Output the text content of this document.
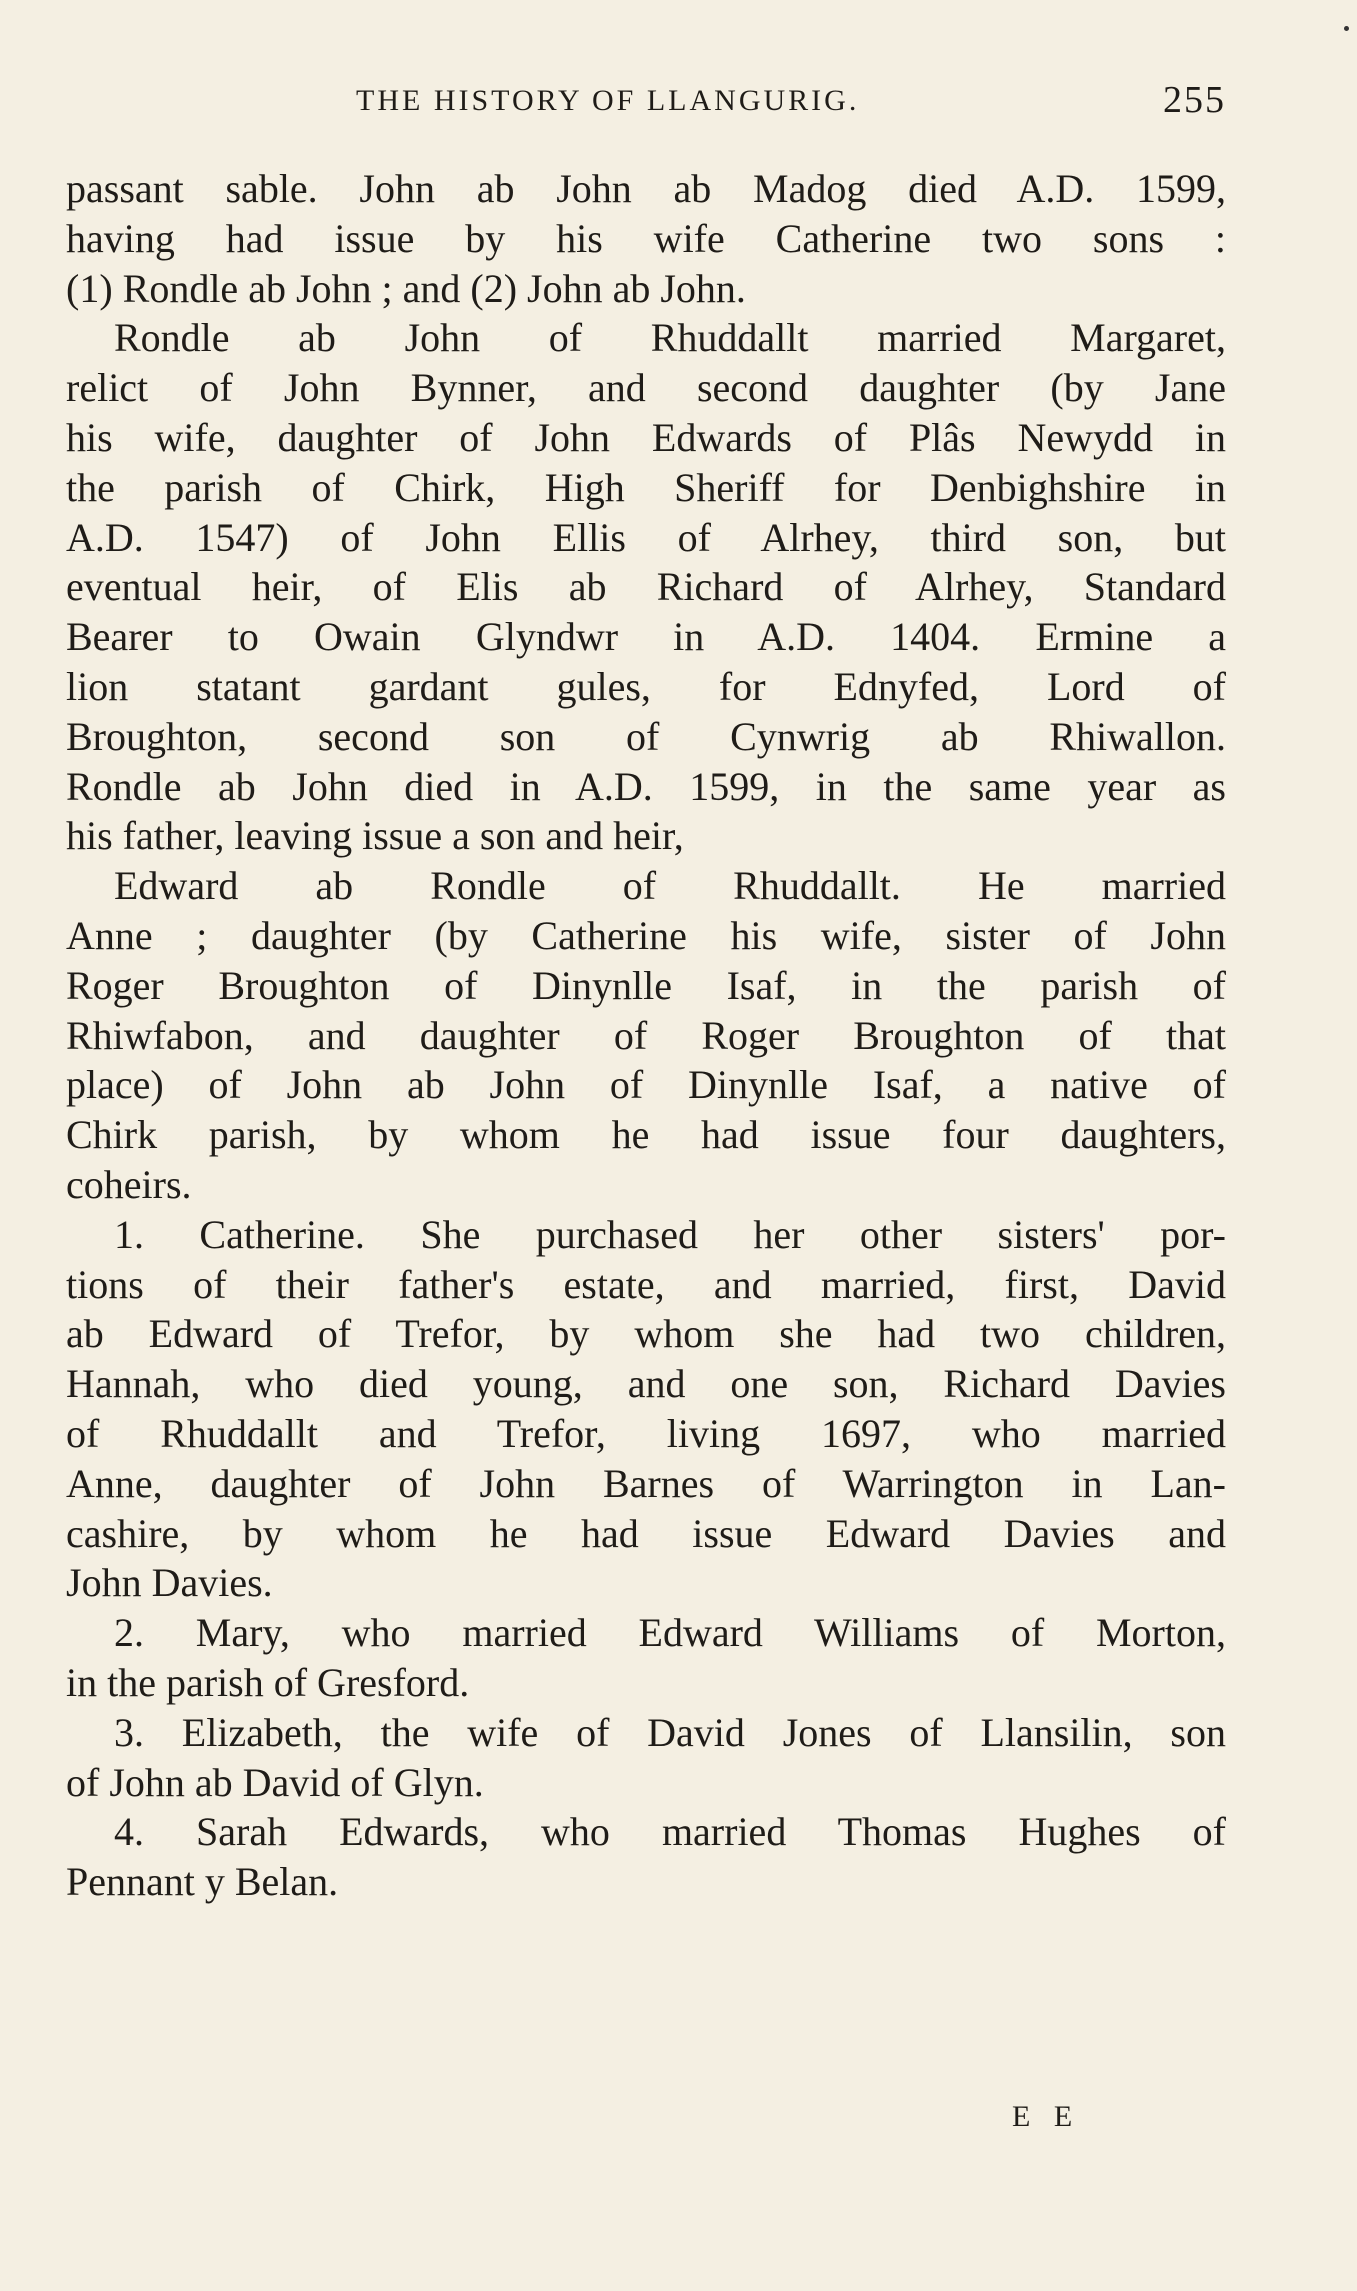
THE HISTORY OF LLANGURIG.	255
passant sable. John ab John ab Madog died A.D. 1599,
having had issue by his wife Catherine two sons :
(1) Rondle ab John ; and (2) John ab John.
Rondle ab John of Rhuddallt married Margaret,
relict of John Bynner, and second daughter (by Jane
his wife, daughter of John Edwards of Plâs Newydd in
the parish of Chirk, High Sheriff for Denbighshire in
A.D. 1547) of John Ellis of Alrhey, third son, but
eventual heir, of Elis ab Richard of Alrhey, Standard
Bearer to Owain Glyndwr in A.D. 1404. Ermine a
lion statant gardant gules, for Ednyfed, Lord of
Broughton, second son of Cynwrig ab Rhiwallon.
Rondle ab John died in A.D. 1599, in the same year as
his father, leaving issue a son and heir,
Edward ab Rondle of Rhuddallt. He married
Anne ; daughter (by Catherine his wife, sister of John
Roger Broughton of Dinynlle Isaf, in the parish of
Rhiwfabon, and daughter of Roger Broughton of that
place) of John ab John of Dinynlle Isaf, a native of
Chirk parish, by whom he had issue four daughters,
coheirs.
1. Catherine. She purchased her other sisters' por-
tions of their father's estate, and married, first, David
ab Edward of Trefor, by whom she had two children,
Hannah, who died young, and one son, Richard Davies
of Rhuddallt and Trefor, living 1697, who married
Anne, daughter of John Barnes of Warrington in Lan-
cashire, by whom he had issue Edward Davies and
John Davies.
2. Mary, who married Edward Williams of Morton,
in the parish of Gresford.
3. Elizabeth, the wife of David Jones of Llansilin, son
of John ab David of Glyn.
4. Sarah Edwards, who married Thomas Hughes of
Pennant y Belan.
E E
